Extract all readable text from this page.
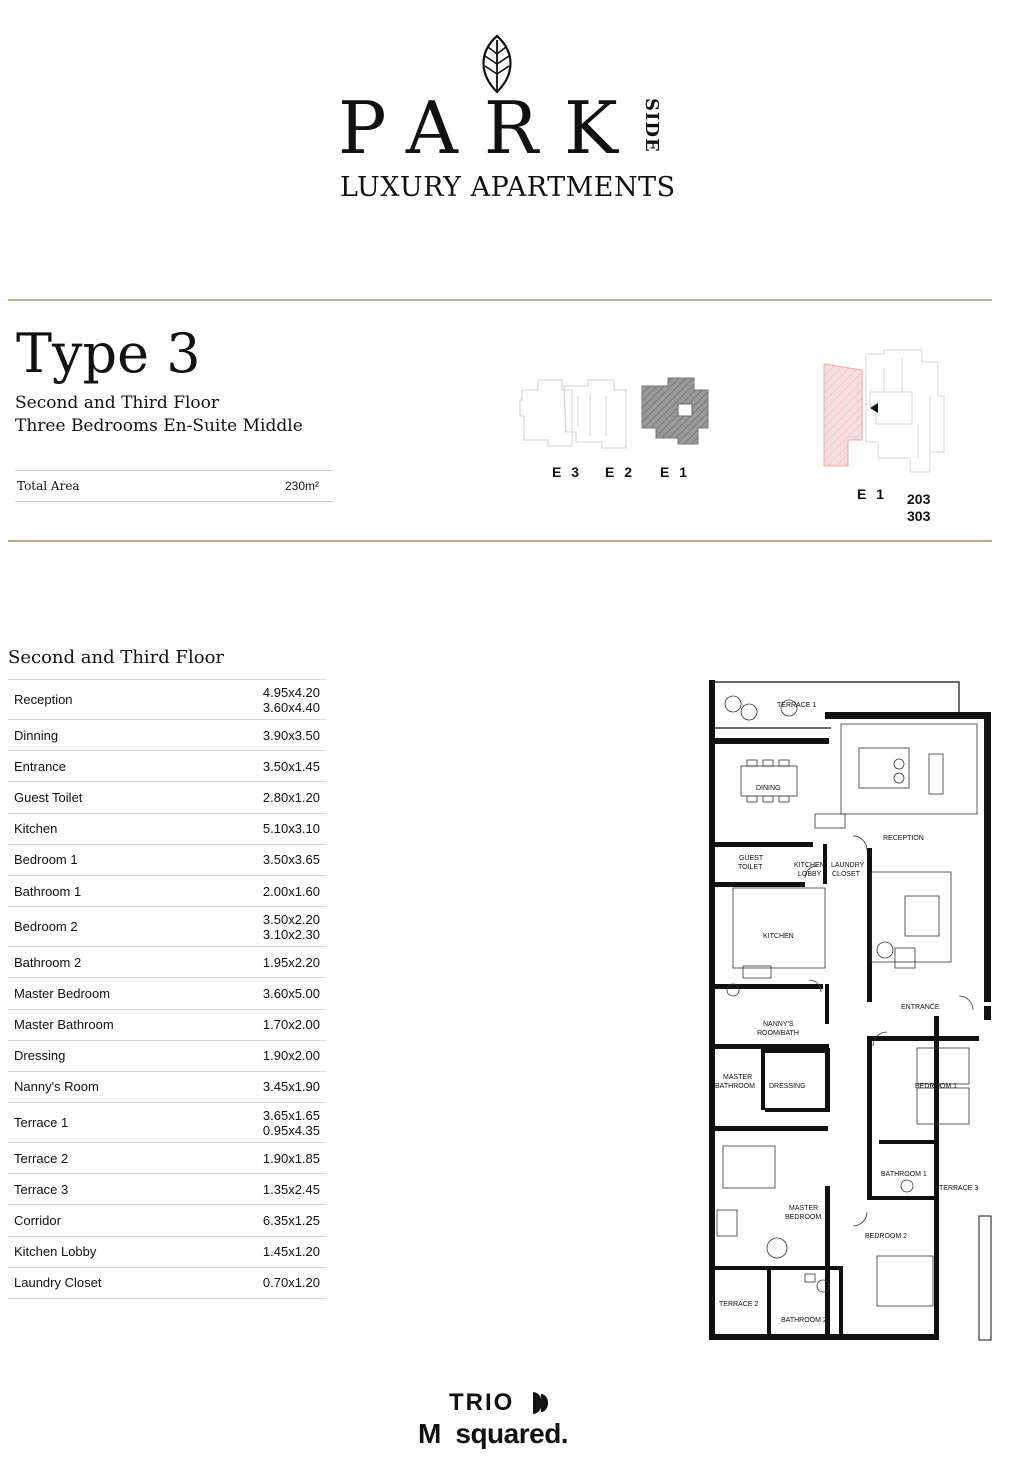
PARK
SIDE
LUXURY APARTMENTS
Type 3
Second and Third Floor
Three Bedrooms En-Suite Middle
Total Area	230m²
E 3 E 2 E 1
E 1 203
303
Second and Third Floor
Reception	4.95x4.20
3.60x4.40
Dinning	3.90x3.50
Entrance	3.50x1.45
Guest Toilet	2.80x1.20
Kitchen	5.10x3.10
Bedroom 1	3.50x3.65
Bathroom 1	2.00x1.60
Bedroom 2	3.50x2.20
3.10x2.30
Bathroom 2	1.95x2.20
Master Bedroom	3.60x5.00
Master Bathroom	1.70x2.00
Dressing	1.90x2.00
Nanny's Room	3.45x1.90
Terrace 1	3.65x1.65
0.95x4.35
Terrace 2	1.90x1.85
Terrace 3	1.35x2.45
Corridor	6.35x1.25
Kitchen Lobby	1.45x1.20
Laundry Closet	0.70x1.20
TERRACE 1
DINING
RECEPTION
GUEST
TOILET	KITCHEN
LOBBY
LAUNDRY
CLOSET
KITCHEN
ENTRANCE
NANNY'S
ROOM/BATH
MASTER
BATHROOM DRESSING	BEDROOM 1
BATHROOM 1
TERRACE 3
MASTER
BEDROOM
BEDROOM 2
TERRACE 2
BATHROOM 2
TRIO
M  squared.
